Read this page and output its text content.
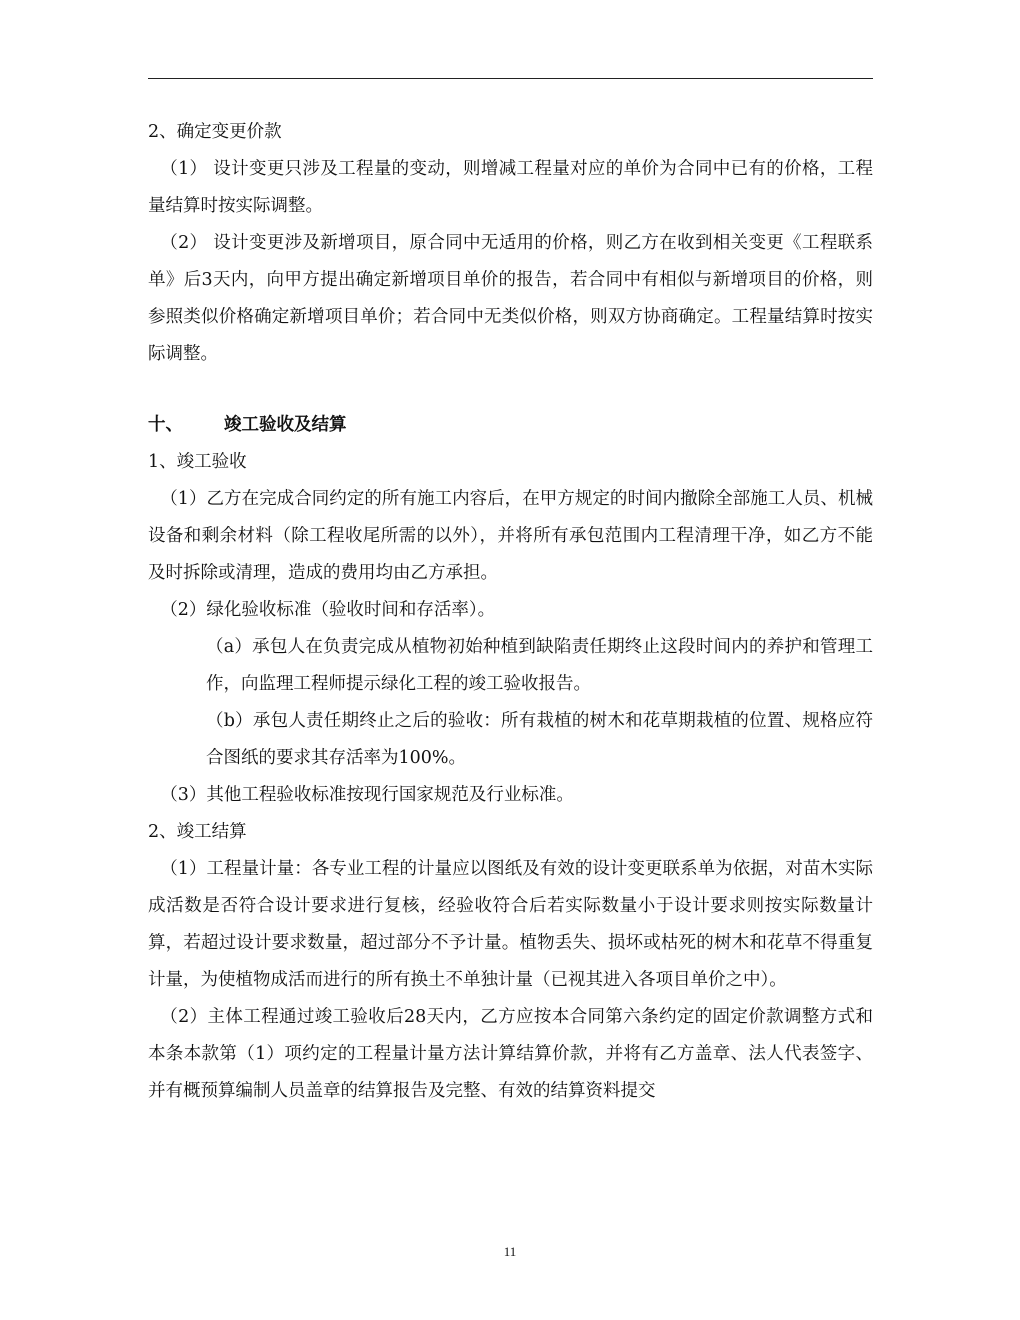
2、确定变更价款

（1） 设计变更只涉及工程量的变动，则增减工程量对应的单价为合同中已有的价格，工程量结算时按实际调整。

（2） 设计变更涉及新增项目，原合同中无适用的价格，则乙方在收到相关变更《工程联系单》后3天内，向甲方提出确定新增项目单价的报告，若合同中有相似与新增项目的价格，则参照类似价格确定新增项目单价；若合同中无类似价格，则双方协商确定。工程量结算时按实际调整。

十、 竣工验收及结算

1、竣工验收

（1）乙方在完成合同约定的所有施工内容后，在甲方规定的时间内撤除全部施工人员、机械设备和剩余材料（除工程收尾所需的以外），并将所有承包范围内工程清理干净，如乙方不能及时拆除或清理，造成的费用均由乙方承担。

（2）绿化验收标准（验收时间和存活率）。

（a）承包人在负责完成从植物初始种植到缺陷责任期终止这段时间内的养护和管理工作，向监理工程师提示绿化工程的竣工验收报告。

（b）承包人责任期终止之后的验收：所有栽植的树木和花草期栽植的位置、规格应符合图纸的要求其存活率为100%。

（3）其他工程验收标准按现行国家规范及行业标准。

2、竣工结算

（1）工程量计量：各专业工程的计量应以图纸及有效的设计变更联系单为依据，对苗木实际成活数是否符合设计要求进行复核，经验收符合后若实际数量小于设计要求则按实际数量计算，若超过设计要求数量，超过部分不予计量。植物丢失、损坏或枯死的树木和花草不得重复计量，为使植物成活而进行的所有换土不单独计量（已视其进入各项目单价之中）。

（2）主体工程通过竣工验收后28天内，乙方应按本合同第六条约定的固定价款调整方式和本条本款第（1）项约定的工程量计量方法计算结算价款，并将有乙方盖章、法人代表签字、并有概预算编制人员盖章的结算报告及完整、有效的结算资料提交

11
